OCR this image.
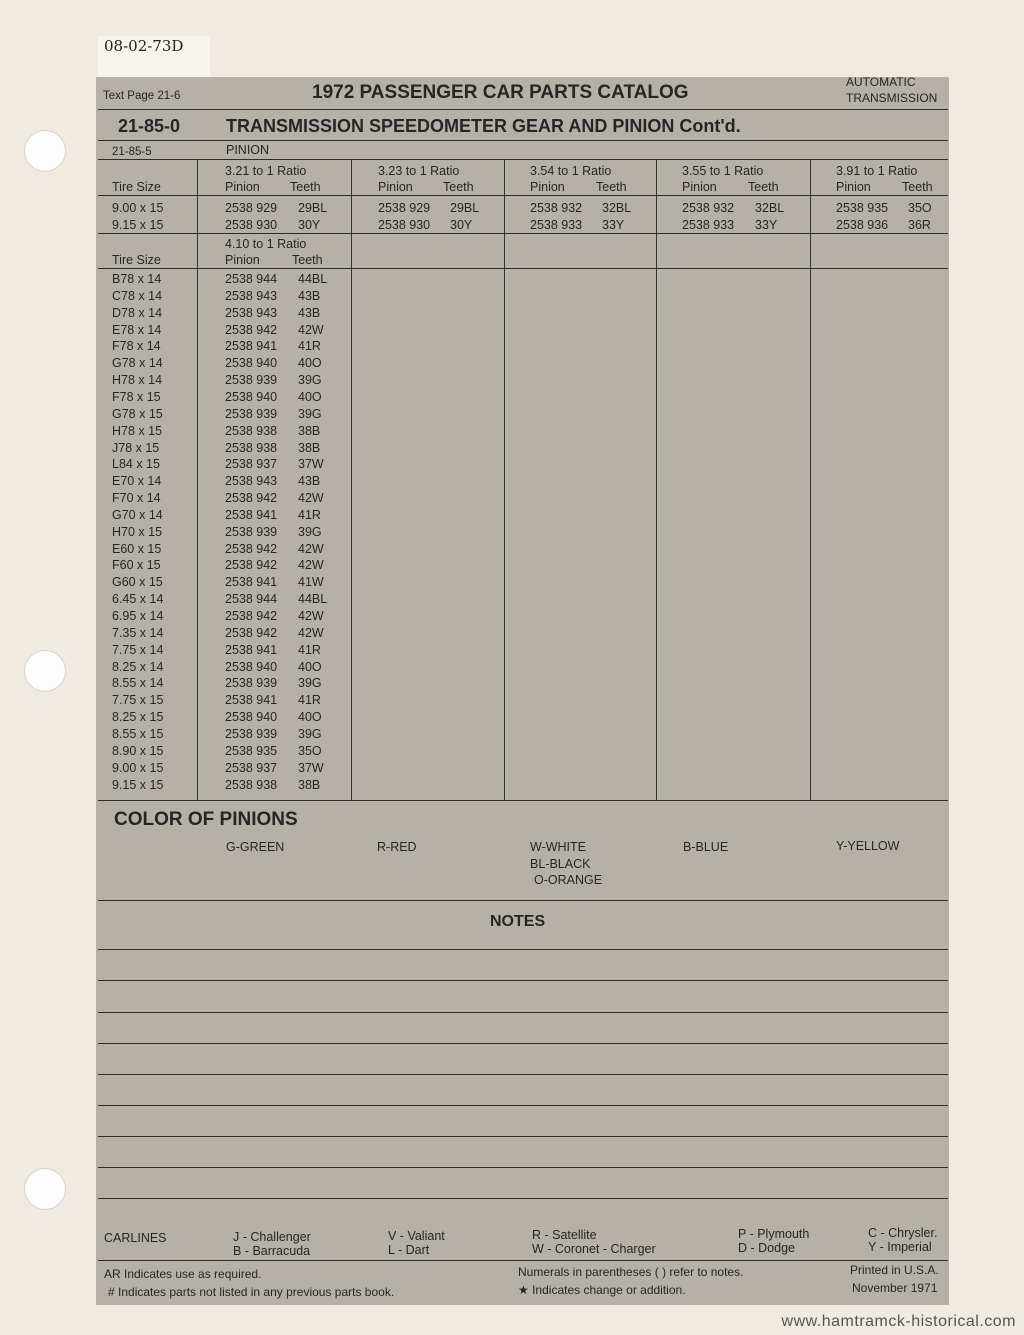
08-02-73D
Text Page 21-6	1972 PASSENGER CAR PARTS CATALOG	AUTOMATIC
TRANSMISSION
21-85-0	TRANSMISSION SPEEDOMETER GEAR AND PINION Cont'd.
21-85-5	PINION
Tire Size
3.21 to 1 Ratio	3.23 to 1 Ratio	3.54 to 1 Ratio	3.55 to 1 Ratio	3.91 to 1 Ratio
Pinion Teeth	Pinion Teeth	Pinion	Teeth	Pinion	Teeth	Pinion	Teeth
9.00 x 15	2538 929 29BL	2538 929 29BL	2538 932 32BL	2538 932 32BL	2538 935 35O
9.15 x 15	2538 930 30Y	2538 930 30Y	2538 933 33Y	2538 933 33Y	2538 936 36R
4.10 to 1 Ratio
Tire Size	Pinion	Teeth
B78 x 14	2538 944 44BL
C78 x 14	2538 943 43B
D78 x 14	2538 943 43B
E78 x 14	2538 942 42W
F78 x 14	2538 941 41R
G78 x 14	2538 940 40O
H78 x 14	2538 939 39G
F78 x 15	2538 940 40O
G78 x 15	2538 939 39G
H78 x 15	2538 938 38B
J78 x 15	2538 938 38B
L84 x 15	2538 937 37W
E70 x 14	2538 943 43B
F70 x 14	2538 942 42W
G70 x 14	2538 941 41R
H70 x 15	2538 939 39G
E60 x 15	2538 942 42W
F60 x 15	2538 942 42W
G60 x 15	2538 941 41W
6.45 x 14	2538 944 44BL
6.95 x 14	2538 942 42W
7.35 x 14	2538 942 42W
7.75 x 14	2538 941 41R
8.25 x 14	2538 940 40O
8.55 x 14	2538 939 39G
7.75 x 15	2538 941 41R
8.25 x 15	2538 940 40O
8.55 x 15	2538 939 39G
8.90 x 15	2538 935 35O
9.00 x 15	2538 937 37W
9.15 x 15	2538 938 38B
COLOR OF PINIONS
G-GREEN	R-RED	W-WHITE
BL-BLACK
O-ORANGE
B-BLUE	Y-YELLOW
NOTES
CARLINES	J - Challenger
B - Barracuda
V - Valiant
L - Dart
R - Satellite
W - Coronet - Charger
P - Plymouth
D - Dodge
C - Chrysler.
Y - Imperial
AR Indicates use as required.
# Indicates parts not listed in any previous parts book.
Numerals in parentheses ( ) refer to notes.
★ Indicates change or addition.
Printed in U.S.A.
November 1971
www.hamtramck-historical.com
